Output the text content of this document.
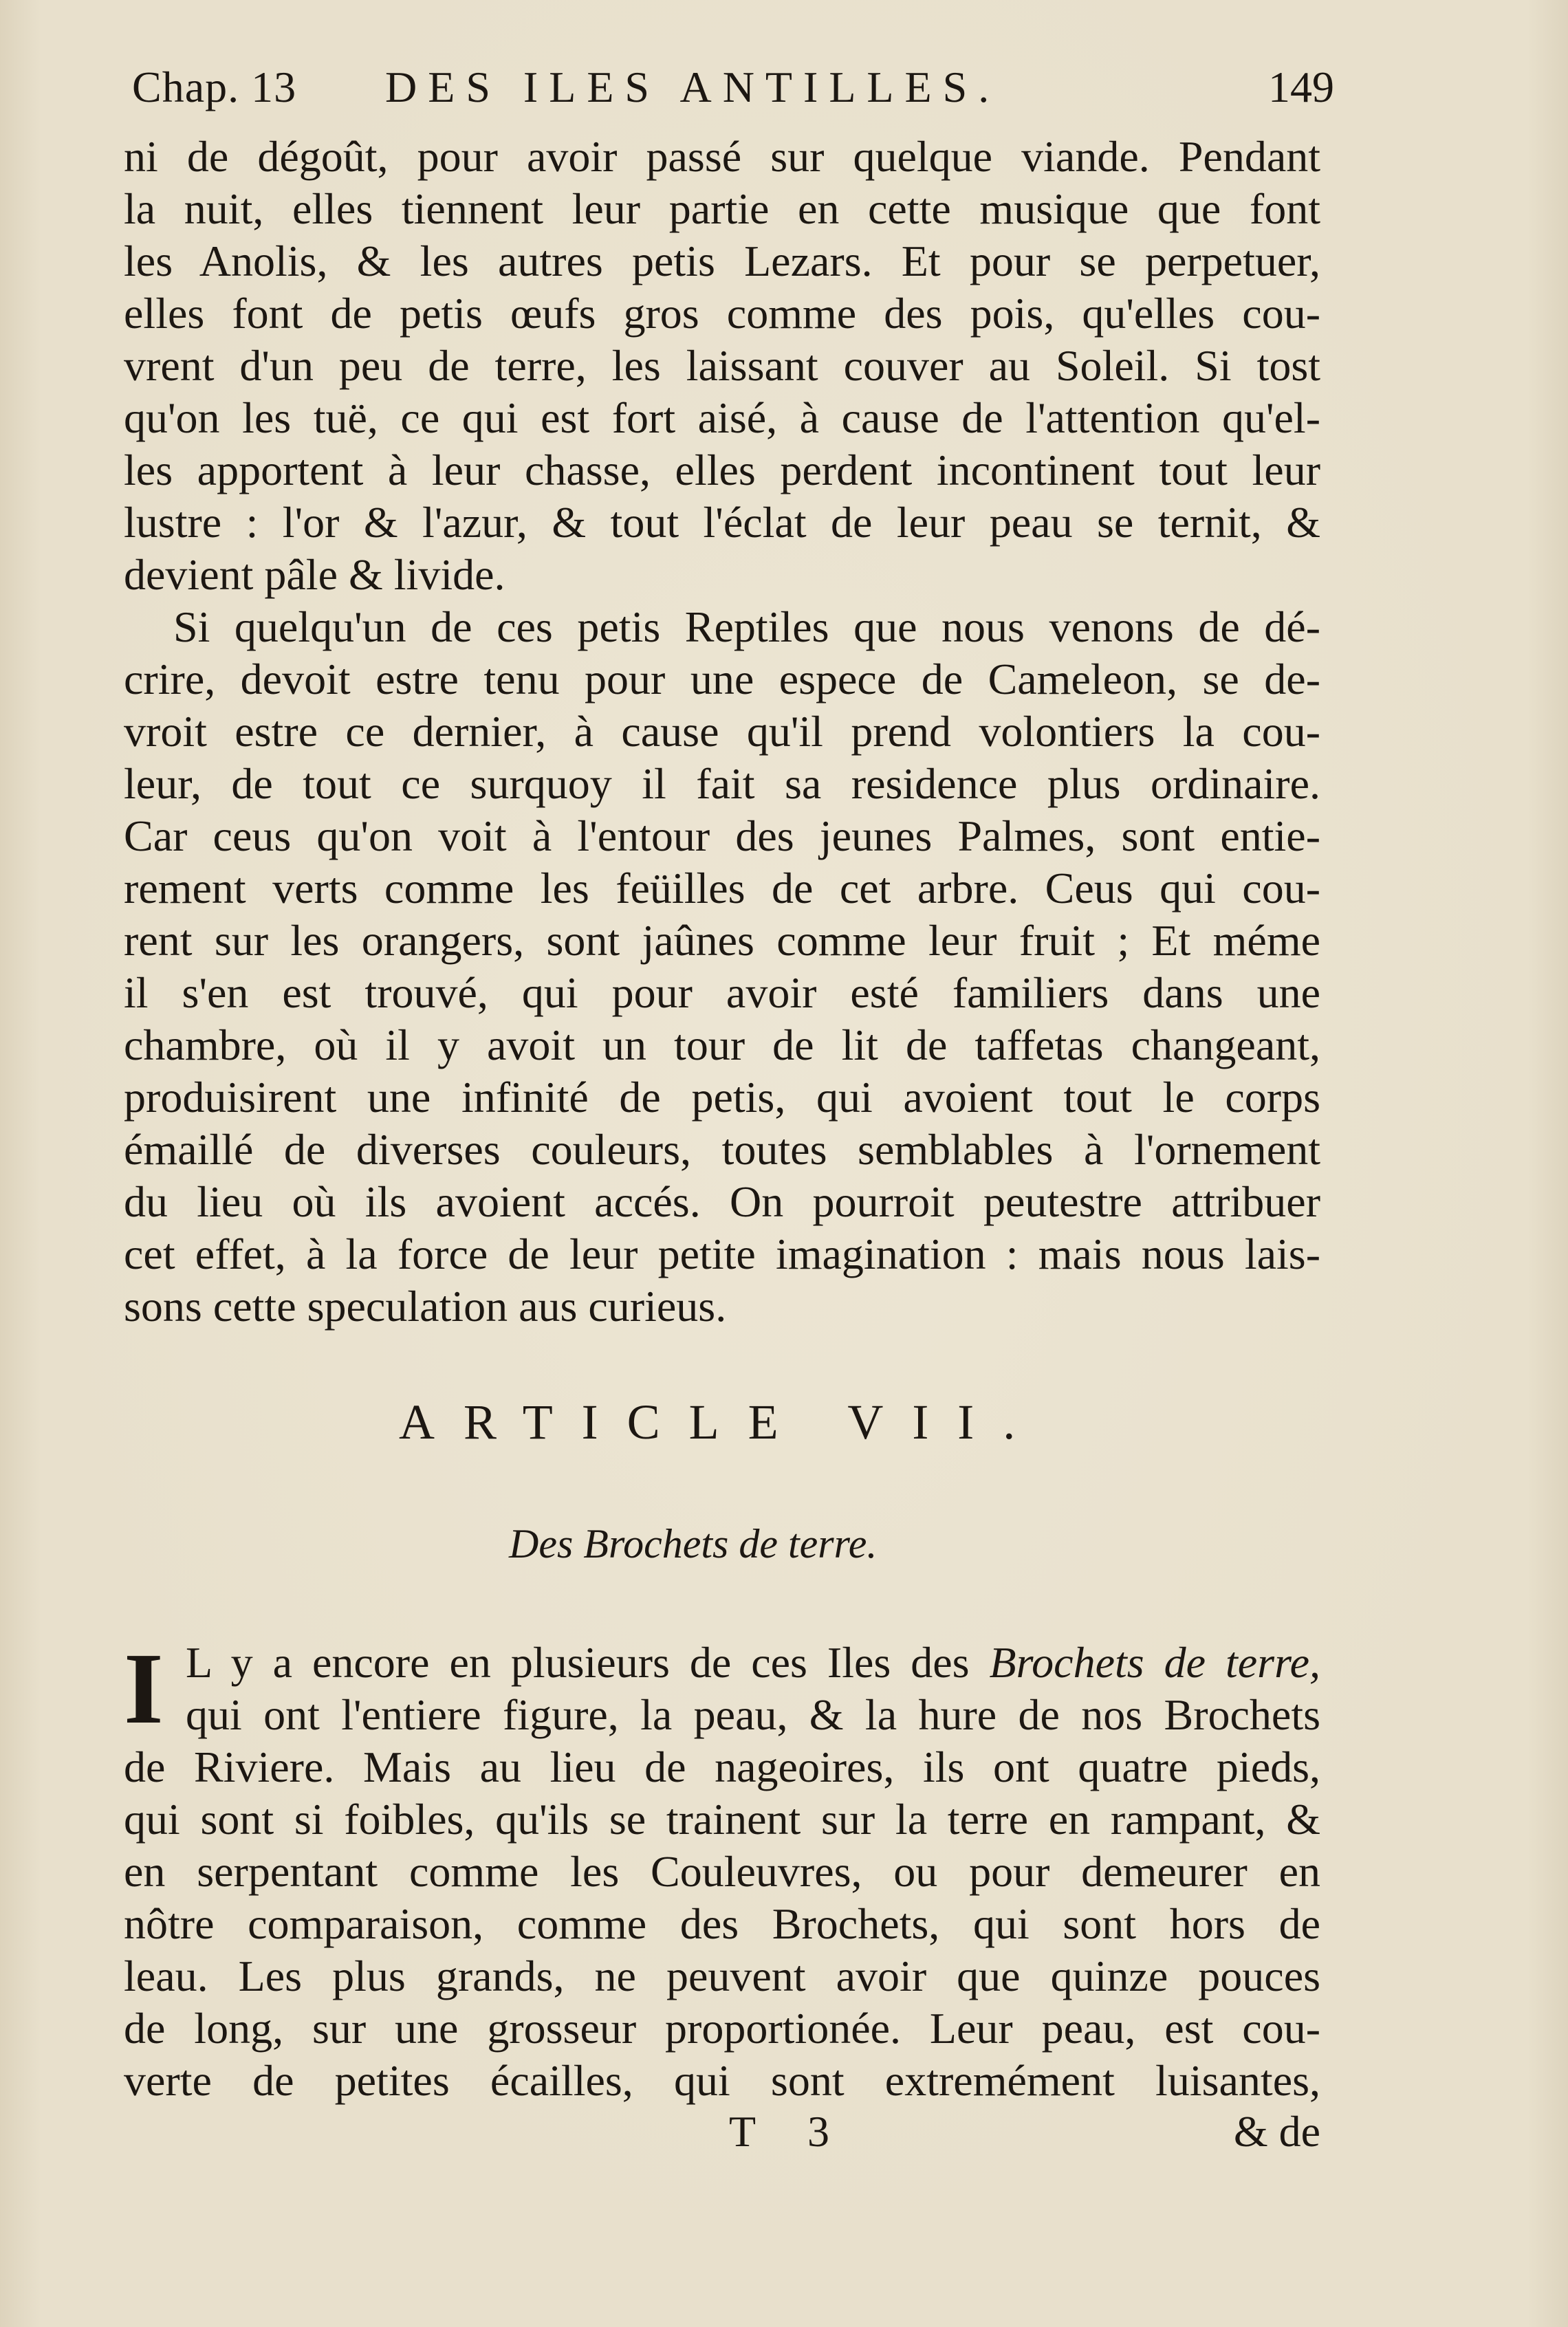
Chap. 13 DES ILES ANTILLES.	149
ni de dégoût, pour avoir passé sur quelque viande. Pendant
la nuit, elles tiennent leur partie en cette musique que font
les Anolis, & les autres petis Lezars. Et pour se perpetuer,
elles font de petis œufs gros comme des pois, qu'elles cou-
vrent d'un peu de terre, les laissant couver au Soleil. Si tost
qu'on les tuë, ce qui est fort aisé, à cause de l'attention qu'el-
les apportent à leur chasse, elles perdent incontinent tout leur
lustre : l'or & l'azur, & tout l'éclat de leur peau se ternit, &
devient pâle & livide.
Si quelqu'un de ces petis Reptiles que nous venons de dé-
crire, devoit estre tenu pour une espece de Cameleon, se de-
vroit estre ce dernier, à cause qu'il prend volontiers la cou-
leur, de tout ce surquoy il fait sa residence plus ordinaire.
Car ceus qu'on voit à l'entour des jeunes Palmes, sont entie-
rement verts comme les feüilles de cet arbre. Ceus qui cou-
rent sur les orangers, sont jaûnes comme leur fruit ; Et méme
il s'en est trouvé, qui pour avoir esté familiers dans une
chambre, où il y avoit un tour de lit de taffetas changeant,
produisirent une infinité de petis, qui avoient tout le corps
émaillé de diverses couleurs, toutes semblables à l'ornement
du lieu où ils avoient accés. On pourroit peutestre attribuer
cet effet, à la force de leur petite imagination : mais nous lais-
sons cette speculation aus curieus.
ARTICLE VII.
Des Brochets de terre.
I L y a encore en plusieurs de ces Iles des Brochets de terre,
qui ont l'entiere figure, la peau, & la hure de nos Brochets
de Riviere. Mais au lieu de nageoires, ils ont quatre pieds,
qui sont si foibles, qu'ils se trainent sur la terre en rampant, &
en serpentant comme les Couleuvres, ou pour demeurer en
nôtre comparaison, comme des Brochets, qui sont hors de
leau. Les plus grands, ne peuvent avoir que quinze pouces
de long, sur une grosseur proportionée. Leur peau, est cou-
verte de petites écailles, qui sont extremément luisantes,
T 3	& de
